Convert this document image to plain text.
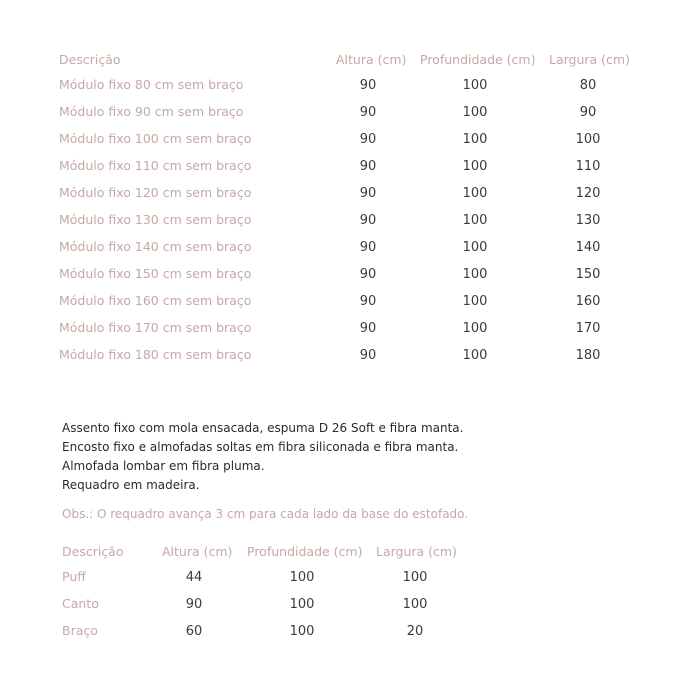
Descrição	Altura (cm) Profundidade (cm) Largura (cm)
Módulo fixo 80 cm sem braço	90	100	80
Módulo fixo 90 cm sem braço	90	100	90
Módulo fixo 100 cm sem braço	90	100	100
Módulo fixo 110 cm sem braço	90	100	110
Módulo fixo 120 cm sem braço	90	100	120
Módulo fixo 130 cm sem braço	90	100	130
Módulo fixo 140 cm sem braço	90	100	140
Módulo fixo 150 cm sem braço	90	100	150
Módulo fixo 160 cm sem braço	90	100	160
Módulo fixo 170 cm sem braço	90	100	170
Módulo fixo 180 cm sem braço	90	100	180
Assento fixo com mola ensacada, espuma D 26 Soft e fibra manta.
Encosto fixo e almofadas soltas em fibra siliconada e fibra manta.
Almofada lombar em fibra pluma.
Requadro em madeira.
Obs.: O requadro avança 3 cm para cada lado da base do estofado.
Descrição	Altura (cm) Profundidade (cm) Largura (cm)
Puff	44	100	100
Canto	90	100	100
Braço	60	100	20
